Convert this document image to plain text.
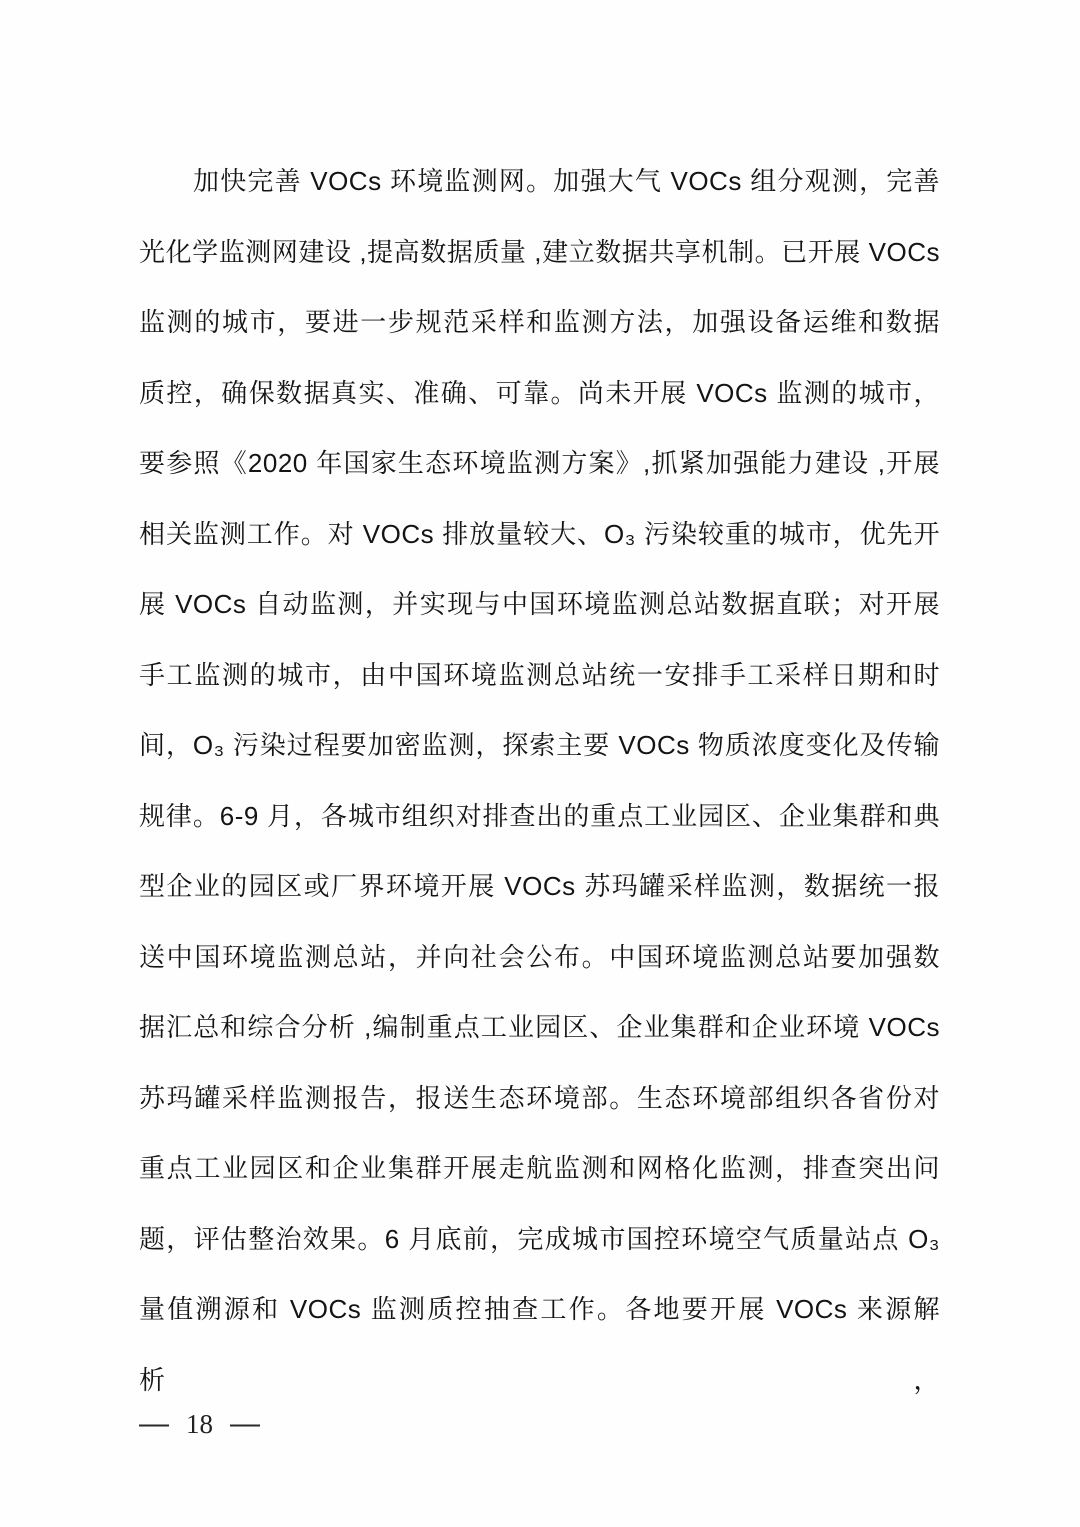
加快完善 VOCs 环境监测网。加强大气 VOCs 组分观测，完善
光化学监测网建设 ,提高数据质量 ,建立数据共享机制。已开展 VOCs
监测的城市，要进一步规范采样和监测方法，加强设备运维和数据
质控，确保数据真实、准确、可靠。尚未开展 VOCs 监测的城市，
要参照《2020 年国家生态环境监测方案》,抓紧加强能力建设 ,开展
相关监测工作。对 VOCs 排放量较大、O₃ 污染较重的城市，优先开
展 VOCs 自动监测，并实现与中国环境监测总站数据直联；对开展
手工监测的城市，由中国环境监测总站统一安排手工采样日期和时
间，O₃ 污染过程要加密监测，探索主要 VOCs 物质浓度变化及传输
规律。6-9 月，各城市组织对排查出的重点工业园区、企业集群和典
型企业的园区或厂界环境开展 VOCs 苏玛罐采样监测，数据统一报
送中国环境监测总站，并向社会公布。中国环境监测总站要加强数
据汇总和综合分析 ,编制重点工业园区、企业集群和企业环境 VOCs
苏玛罐采样监测报告，报送生态环境部。生态环境部组织各省份对
重点工业园区和企业集群开展走航监测和网格化监测，排查突出问
题，评估整治效果。6 月底前，完成城市国控环境空气质量站点 O₃
量值溯源和 VOCs 监测质控抽查工作。各地要开展 VOCs 来源解析，
— 18 —
